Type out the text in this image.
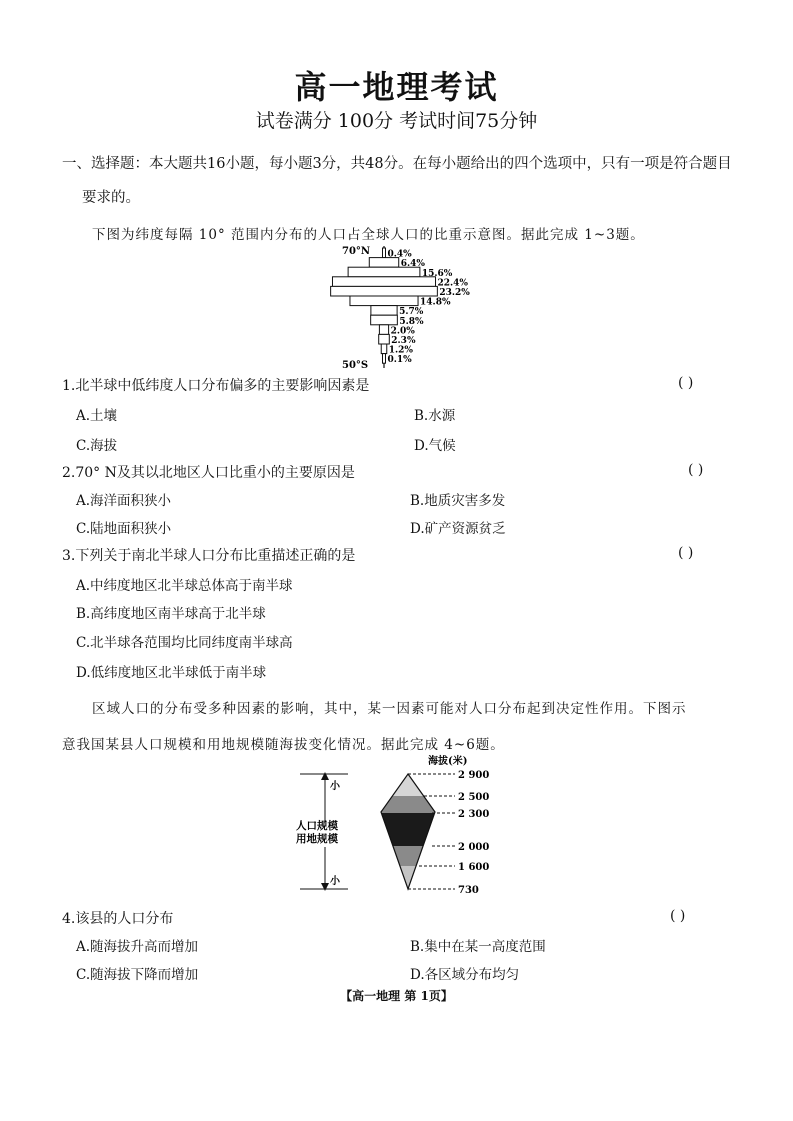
高一地理考试
试卷满分 100分 考试时间75分钟
一、选择题：本大题共16小题，每小题3分，共48分。在每小题给出的四个选项中，只有一项是符合题目
要求的。
下图为纬度每隔 10° 范围内分布的人口占全球人口的比重示意图。据此完成 1~3题。
70°N
50°S
0.4%
6.4%
15.6%
22.4%
23.2%
14.8%
5.7%
5.8%
2.0%
2.3%
1.2%
0.1%
1.北半球中低纬度人口分布偏多的主要影响因素是	( )
A.土壤	B.水源
C.海拔	D.气候
2.70° N及其以北地区人口比重小的主要原因是	( )
A.海洋面积狭小	B.地质灾害多发
C.陆地面积狭小	D.矿产资源贫乏
3.下列关于南北半球人口分布比重描述正确的是	( )
A.中纬度地区北半球总体高于南半球
B.高纬度地区南半球高于北半球
C.北半球各范围均比同纬度南半球高
D.低纬度地区北半球低于南半球
区域人口的分布受多种因素的影响，其中，某一因素可能对人口分布起到决定性作用。下图示
意我国某县人口规模和用地规模随海拔变化情况。据此完成 4~6题。
海拔(米)
小
小
人口规模
用地规模
2 900
2 500
2 300
2 000
1 600
730
4.该县的人口分布	( )
A.随海拔升高而增加	B.集中在某一高度范围
C.随海拔下降而增加	D.各区域分布均匀
【高一地理 第 1页】
